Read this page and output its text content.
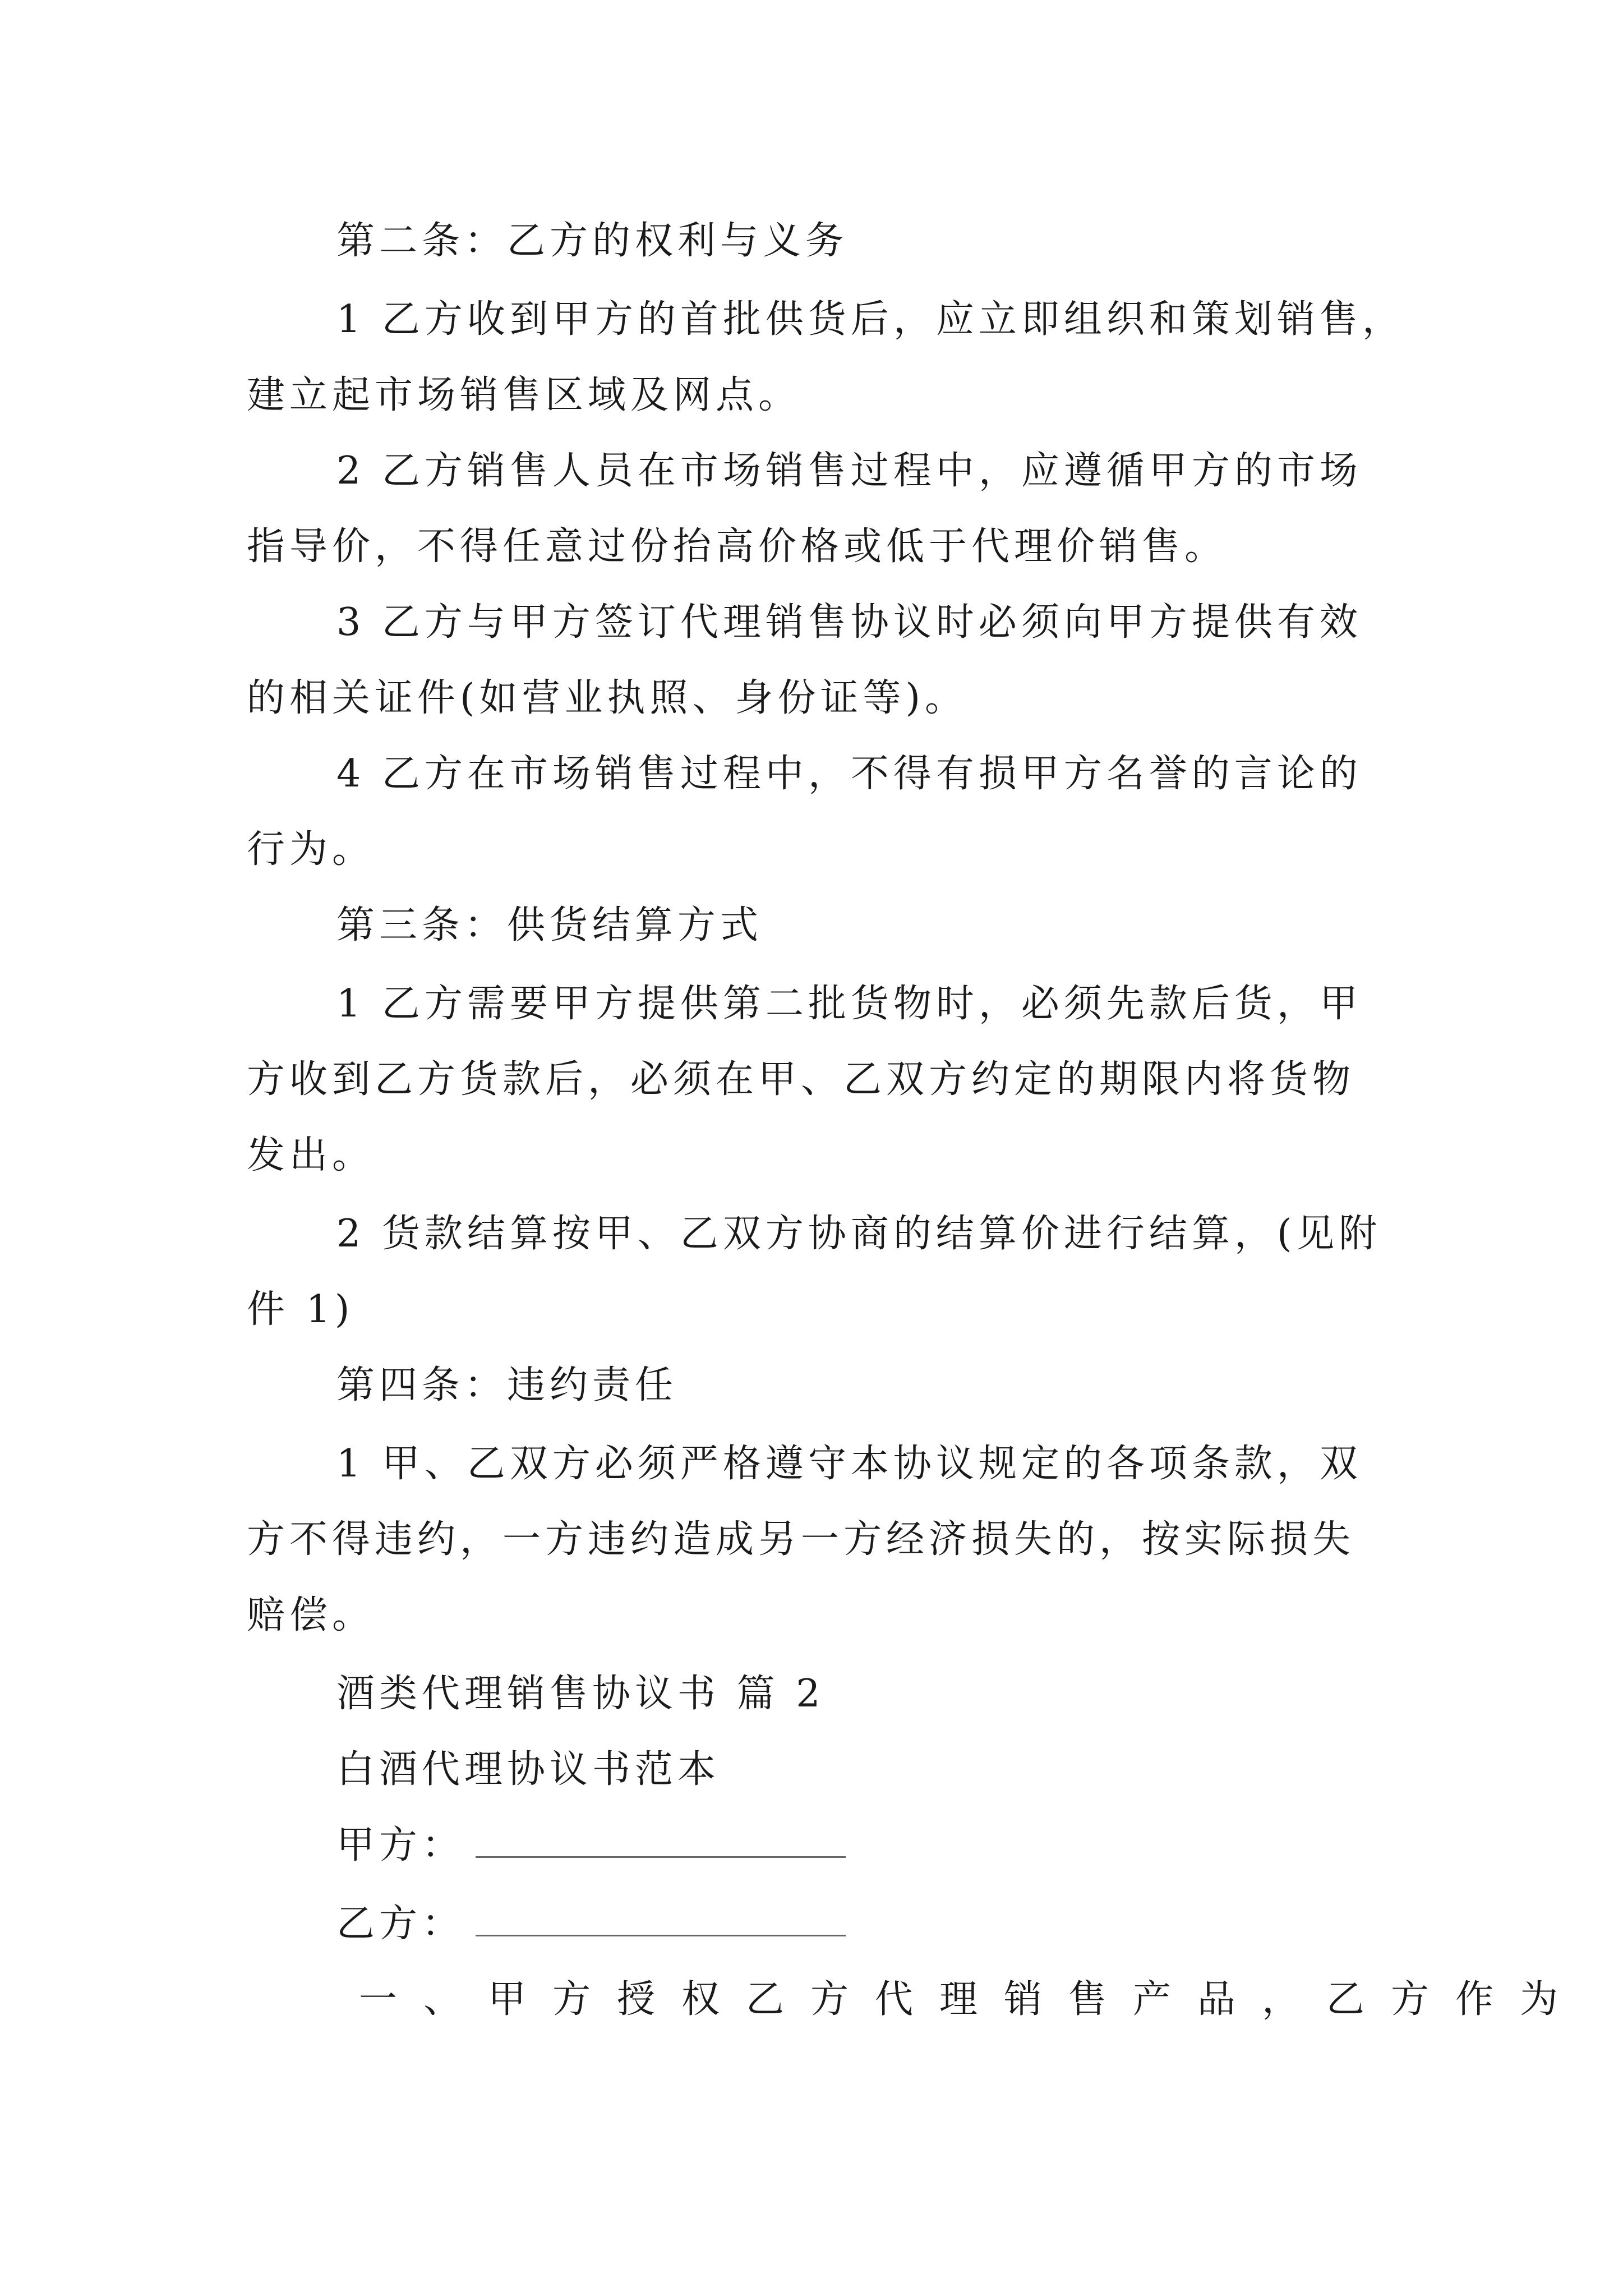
第二条：乙方的权利与义务
1 乙方收到甲方的首批供货后，应立即组织和策划销售，
建立起市场销售区域及网点。
2 乙方销售人员在市场销售过程中，应遵循甲方的市场
指导价，不得任意过份抬高价格或低于代理价销售。
3 乙方与甲方签订代理销售协议时必须向甲方提供有效
的相关证件(如营业执照、身份证等)。
4 乙方在市场销售过程中，不得有损甲方名誉的言论的
行为。
第三条：供货结算方式
1 乙方需要甲方提供第二批货物时，必须先款后货，甲
方收到乙方货款后，必须在甲、乙双方约定的期限内将货物
发出。
2 货款结算按甲、乙双方协商的结算价进行结算，(见附
件 1)
第四条：违约责任
1 甲、乙双方必须严格遵守本协议规定的各项条款，双
方不得违约，一方违约造成另一方经济损失的，按实际损失
赔偿。
酒类代理销售协议书 篇 2
白酒代理协议书范本
甲方：
乙方：
一、甲方授权乙方代理销售产品，乙方作为
